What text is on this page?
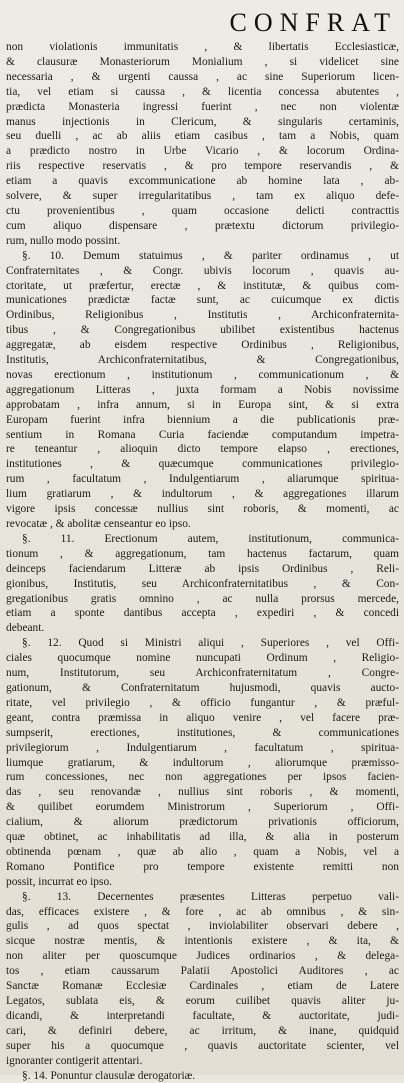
CONFRAT
non violationis immunitatis , & libertatis Ecclesiasticæ,
& clausuræ Monasteriorum Monialium , si videlicet sine
necessaria , & urgenti caussa , ac sine Superiorum licen-
tia, vel etiam si caussa , & licentia concessa abutentes ,
prædicta Monasteria ingressi fuerint , nec non violentæ
manus injectionis in Clericum, & singularis certaminis,
seu duelli , ac ab aliis etiam casibus , tam a Nobis, quam
a prædicto nostro in Urbe Vicario , & locorum Ordina-
riis respective reservatis , & pro tempore reservandis , &
etiam a quavis excommunicatione ab homine lata , ab-
solvere, & super irregularitatibus , tam ex aliquo defe-
ctu provenientibus , quam occasione delicti contracttis
cum aliquo dispensare , prætextu dictorum privilegio-
rum, nullo modo possint.
§. 10. Demum statuimus , & pariter ordinamus , ut
Confraternitates , & Congr. ubivis locorum , quavis au-
ctoritate, ut præfertur, erectæ , & institutæ, & quibus com-
municationes prædictæ factæ sunt, ac cuicumque ex dictis
Ordinibus, Religionibus , Institutis , Archiconfraternita-
tibus , & Congregationibus ubilibet existentibus hactenus
aggregatæ, ab eisdem respective Ordinibus , Religionibus,
Institutis, Archiconfraternitatibus, & Congregationibus,
novas erectionum , institutionum , communicationum , &
aggregationum Litteras , juxta formam a Nobis novissime
approbatam , infra annum, si in Europa sint, & si extra
Europam fuerint infra biennium a die publicationis præ-
sentium in Romana Curia faciendæ computandum impetra-
re teneantur , alioquin dicto tempore elapso , erectiones,
institutiones , & quæcumque communicationes privilegio-
rum , facultatum , Indulgentiarum , aliarumque spiritua-
lium gratiarum , & indultorum , & aggregationes illarum
vigore ipsis concessæ nullius sint roboris, & momenti, ac
revocatæ , & abolitæ censeantur eo ipso.
§. 11. Erectionum autem, institutionum, communica-
tionum , & aggregationum, tam hactenus factarum, quam
deinceps faciendarum Litteræ ab ipsis Ordinibus , Reli-
gionibus, Institutis, seu Archiconfraternitatibus , & Con-
gregationibus gratis omnino , ac nulla prorsus mercede,
etiam a sponte dantibus accepta , expediri , & concedi
debeant.
§. 12. Quod si Ministri aliqui , Superiores , vel Offi-
ciales quocumque nomine nuncupati Ordinum , Religio-
num, Institutorum, seu Archiconfraternitatum , Congre-
gationum, & Confraternitatum hujusmodi, quavis aucto-
ritate, vel privilegio , & officio fungantur , & præful-
geant, contra præmissa in aliquo venire , vel facere præ-
sumpserit, erectiones, institutiones, & communicationes
privilegiorum , Indulgentiarum , facultatum , spiritua-
liumque gratiarum, & indultorum , aliorumque præmisso-
rum concessiones, nec non aggregationes per ipsos facien-
das , seu renovandæ , nullius sint roboris , & momenti,
& quilibet eorumdem Ministrorum , Superiorum , Offi-
cialium, & aliorum prædictorum privationis officiorum,
quæ obtinet, ac inhabilitatis ad illa, & alia in posterum
obtinenda pœnam , quæ ab alio , quam a Nobis, vel a
Romano Pontifice pro tempore existente remitti non
possit, incurrat eo ipso.
§. 13. Decernentes præsentes Litteras perpetuo vali-
das, efficaces existere , & fore , ac ab omnibus , & sin-
gulis , ad quos spectat , inviolabiliter observari debere ,
sicque nostræ mentis, & intentionis existere , & ita, &
non aliter per quoscumque Judices ordinarios , & delega-
tos , etiam caussarum Palatii Apostolici Auditores , ac
Sanctæ Romanæ Ecclesiæ Cardinales , etiam de Latere
Legatos, sublata eis, & eorum cuilibet quavis aliter ju-
dicandi, & interpretandi facultate, & auctoritate, judi-
cari, & definiri debere, ac irritum, & inane, quidquid
super his a quocumque , quavis auctoritate scienter, vel
ignoranter contigerit attentari.
§. 14. Ponuntur clausulæ derogatoriæ.
